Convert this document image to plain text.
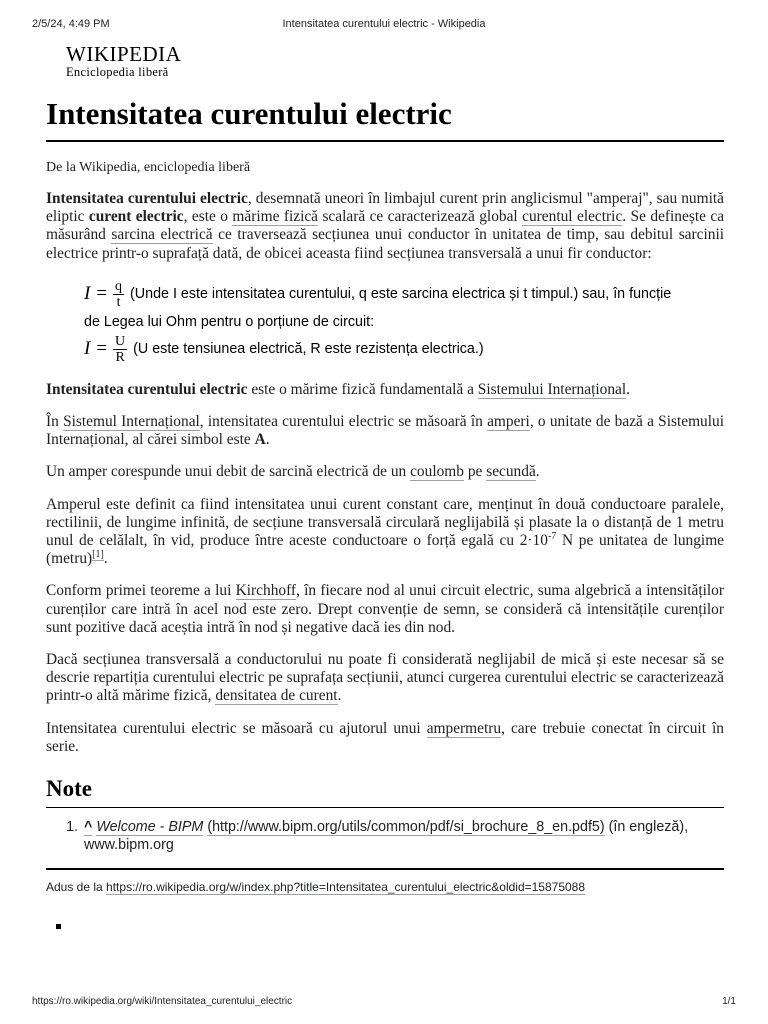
2/5/24, 4:49 PM	Intensitatea curentului electric - Wikipedia
WIKIPEDIA
Enciclopedia liberă
Intensitatea curentului electric
De la Wikipedia, enciclopedia liberă

Intensitatea curentului electric, desemnată uneori în limbajul curent prin anglicismul "amperaj", sau numită eliptic curent electric, este o mărime fizică scalară ce caracterizează global curentul electric. Se definește ca măsurând sarcina electrică ce traversează secțiunea unui conductor în unitatea de timp, sau debitul sarcinii electrice printr-o suprafață dată, de obicei aceasta fiind secțiunea transversală a unui fir conductor:

$I = \frac{q}{t}$ (Unde I este intensitatea curentului, q este sarcina electrica și t timpul.) sau, în funcție
de Legea lui Ohm pentru o porțiune de circuit:
$I = \frac{U}{R} (U$ este tensiunea electrică, R este rezistența electrica.)

Intensitatea curentului electric este o mărime fizică fundamentală a Sistemului Internațional.

În Sistemul Internațional, intensitatea curentului electric se măsoară în amperi, o unitate de bază a Sistemului Internațional, al cărei simbol este A.

Un amper corespunde unui debit de sarcină electrică de un coulomb pe secundă.

Amperul este definit ca fiind intensitatea unui curent constant care, menținut în două conductoare paralele, rectilinii, de lungime infinită, de secțiune transversală circulară neglijabilă și plasate la o distanță de 1 metru unul de celălalt, în vid, produce între aceste conductoare o forță egală cu $2\cdot 10^{-7}$ N pe unitatea de lungime (metru)[1].

Conform primei teoreme a lui Kirchhoff, în fiecare nod al unui circuit electric, suma algebrică a intensităților curenților care intră în acel nod este zero. Drept convenție de semn, se consideră că intensitățile curenților sunt pozitive dacă aceștia intră în nod și negative dacă ies din nod.

Dacă secțiunea transversală a conductorului nu poate fi considerată neglijabil de mică și este necesar să se descrie repartiția curentului electric pe suprafața secțiunii, atunci curgerea curentului electric se caracterizează printr-o altă mărime fizică, densitatea de curent.

Intensitatea curentului electric se măsoară cu ajutorul unui ampermetru, care trebuie conectat în circuit în serie.

Note
1. ^ Welcome - BIPM (http://www.bipm.org/utils/common/pdf/si_brochure_8_en.pdf5) (în engleză), www.bipm.org
Adus de la https://ro.wikipedia.org/w/index.php?title=Intensitatea_curentului_electric&oldid=15875088
https://ro.wikipedia.org/wiki/Intensitatea_curentului_electric	1/1
